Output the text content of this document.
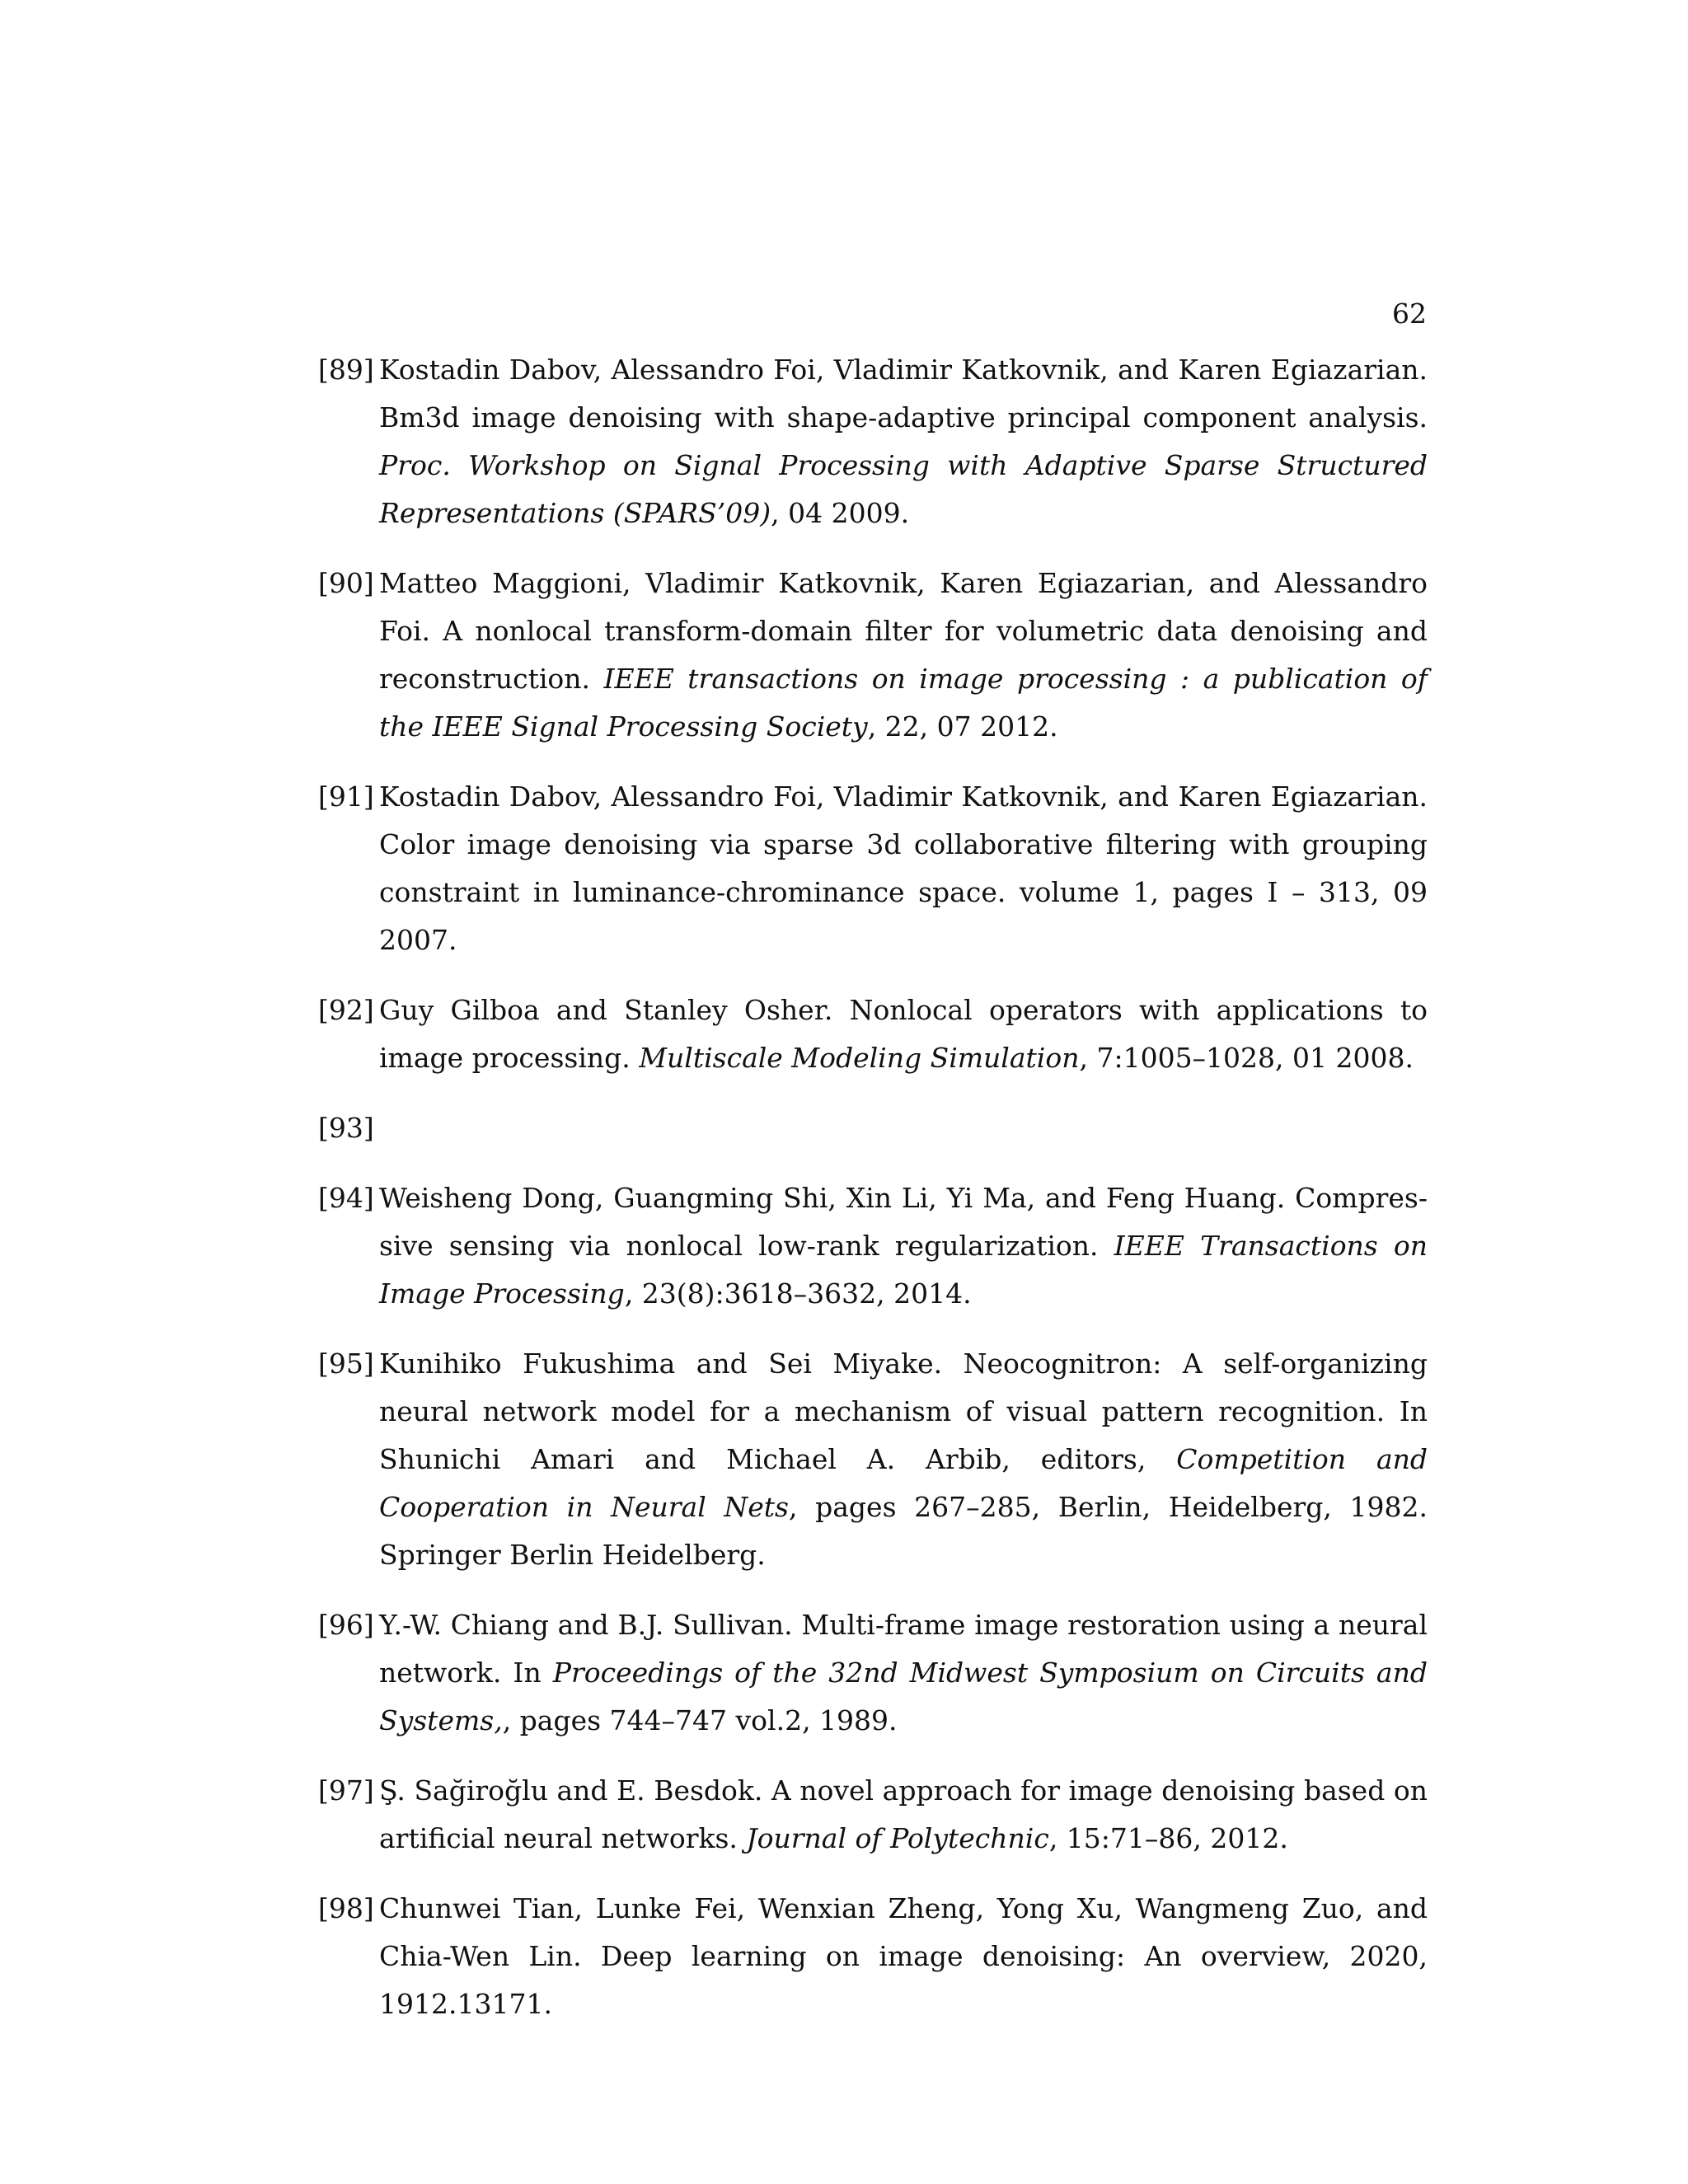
62
[89] Kostadin Dabov, Alessandro Foi, Vladimir Katkovnik, and Karen Egiazarian. Bm3d image denoising with shape-adaptive principal component analysis. Proc. Workshop on Signal Processing with Adaptive Sparse Structured Representations (SPARS’09), 04 2009.
[90] Matteo Maggioni, Vladimir Katkovnik, Karen Egiazarian, and Alessandro Foi. A nonlocal transform-domain filter for volumetric data denoising and reconstruction. IEEE transactions on image processing : a publication of the IEEE Signal Processing Society, 22, 07 2012.
[91] Kostadin Dabov, Alessandro Foi, Vladimir Katkovnik, and Karen Egiazarian. Color image denoising via sparse 3d collaborative filtering with grouping constraint in luminance-chrominance space. volume 1, pages I – 313, 09 2007.
[92] Guy Gilboa and Stanley Osher. Nonlocal operators with applications to image processing. Multiscale Modeling Simulation, 7:1005–1028, 01 2008.
[93]
[94] Weisheng Dong, Guangming Shi, Xin Li, Yi Ma, and Feng Huang. Compressive sensing via nonlocal low-rank regularization. IEEE Transactions on Image Processing, 23(8):3618–3632, 2014.
[95] Kunihiko Fukushima and Sei Miyake. Neocognitron: A self-organizing neural network model for a mechanism of visual pattern recognition. In Shunichi Amari and Michael A. Arbib, editors, Competition and Cooperation in Neural Nets, pages 267–285, Berlin, Heidelberg, 1982. Springer Berlin Heidelberg.
[96] Y.-W. Chiang and B.J. Sullivan. Multi-frame image restoration using a neural network. In Proceedings of the 32nd Midwest Symposium on Circuits and Systems,, pages 744–747 vol.2, 1989.
[97] Ş. Sağiroğlu and E. Besdok. A novel approach for image denoising based on artificial neural networks. Journal of Polytechnic, 15:71–86, 2012.
[98] Chunwei Tian, Lunke Fei, Wenxian Zheng, Yong Xu, Wangmeng Zuo, and Chia-Wen Lin. Deep learning on image denoising: An overview, 2020, 1912.13171.
